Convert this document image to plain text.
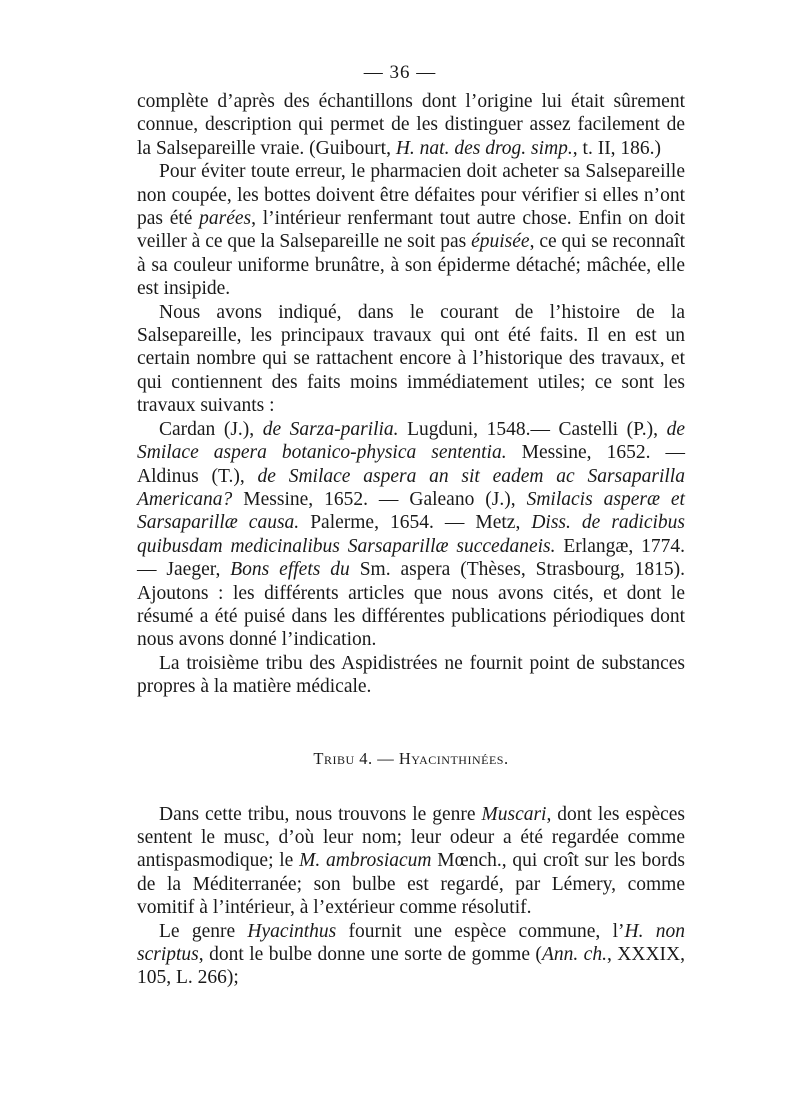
— 36 —

complète d’après des échantillons dont l’origine lui était sûrement connue, description qui permet de les distinguer assez facilement de la Salsepareille vraie. (Guibourt, H. nat. des drog. simp., t. II, 186.)

Pour éviter toute erreur, le pharmacien doit acheter sa Salsepareille non coupée, les bottes doivent être défaites pour vérifier si elles n’ont pas été parées, l’intérieur renfermant tout autre chose. Enfin on doit veiller à ce que la Salsepareille ne soit pas épuisée, ce qui se reconnaît à sa couleur uniforme brunâtre, à son épiderme détaché; mâchée, elle est insipide.

Nous avons indiqué, dans le courant de l’histoire de la Salsepareille, les principaux travaux qui ont été faits. Il en est un certain nombre qui se rattachent encore à l’historique des travaux, et qui contiennent des faits moins immédiatement utiles; ce sont les travaux suivants :

Cardan (J.), de Sarza-parilia. Lugduni, 1548.— Castelli (P.), de Smilace aspera botanico-physica sententia. Messine, 1652. — Aldinus (T.), de Smilace aspera an sit eadem ac Sarsaparilla Americana? Messine, 1652. — Galeano (J.), Smilacis asperæ et Sarsaparillæ causa. Palerme, 1654. — Metz, Diss. de radicibus quibusdam medicinalibus Sarsaparillæ succedaneis. Erlangæ, 1774. — Jaeger, Bons effets du Sm. aspera (Thèses, Strasbourg, 1815). Ajoutons : les différents articles que nous avons cités, et dont le résumé a été puisé dans les différentes publications périodiques dont nous avons donné l’indication.

La troisième tribu des Aspidistrées ne fournit point de substances propres à la matière médicale.

Tribu 4. — Hyacinthinées.

Dans cette tribu, nous trouvons le genre Muscari, dont les espèces sentent le musc, d’où leur nom; leur odeur a été regardée comme antispasmodique; le M. ambrosiacum Mœnch., qui croît sur les bords de la Méditerranée; son bulbe est regardé, par Lémery, comme vomitif à l’intérieur, à l’extérieur comme résolutif.

Le genre Hyacinthus fournit une espèce commune, l’H. non scriptus, dont le bulbe donne une sorte de gomme (Ann. ch., XXXIX, 105, L. 266);
